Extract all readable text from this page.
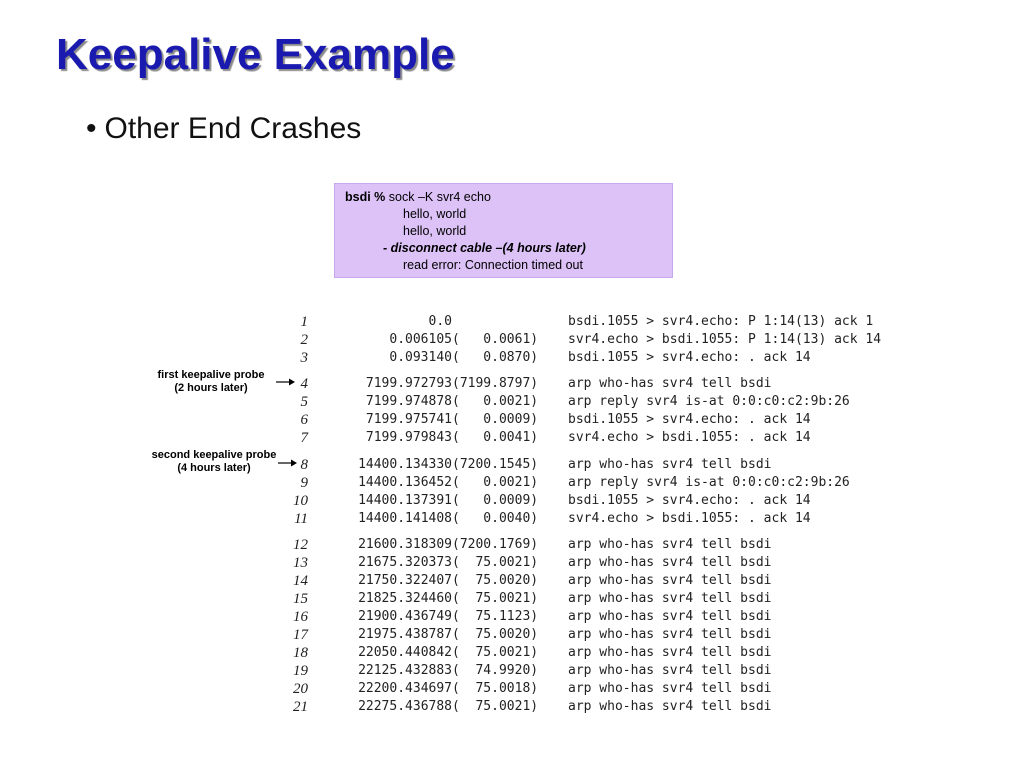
Keepalive Example
• Other End Crashes
bsdi % sock –K svr4 echo
hello, world
hello, world
- disconnect cable –(4 hours later)
read error: Connection timed out
first keepalive probe
(2 hours later)
second keepalive probe
(4 hours later)
1	0.0	bsdi.1055 > svr4.echo: P 1:14(13) ack 1
2	0.006105 (   0.0061)	svr4.echo > bsdi.1055: P 1:14(13) ack 14
3	0.093140 (   0.0870)	bsdi.1055 > svr4.echo: . ack 14
4	7199.972793 (7199.8797)	arp who-has svr4 tell bsdi
5	7199.974878 (   0.0021)	arp reply svr4 is-at 0:0:c0:c2:9b:26
6	7199.975741 (   0.0009)	bsdi.1055 > svr4.echo: . ack 14
7	7199.979843 (   0.0041)	svr4.echo > bsdi.1055: . ack 14
8	14400.134330 (7200.1545)	arp who-has svr4 tell bsdi
9	14400.136452 (   0.0021)	arp reply svr4 is-at 0:0:c0:c2:9b:26
10	14400.137391 (   0.0009)	bsdi.1055 > svr4.echo: . ack 14
11	14400.141408 (   0.0040)	svr4.echo > bsdi.1055: . ack 14
12	21600.318309 (7200.1769)	arp who-has svr4 tell bsdi
13	21675.320373 (  75.0021)	arp who-has svr4 tell bsdi
14	21750.322407 (  75.0020)	arp who-has svr4 tell bsdi
15	21825.324460 (  75.0021)	arp who-has svr4 tell bsdi
16	21900.436749 (  75.1123)	arp who-has svr4 tell bsdi
17	21975.438787 (  75.0020)	arp who-has svr4 tell bsdi
18	22050.440842 (  75.0021)	arp who-has svr4 tell bsdi
19	22125.432883 (  74.9920)	arp who-has svr4 tell bsdi
20	22200.434697 (  75.0018)	arp who-has svr4 tell bsdi
21	22275.436788 (  75.0021)	arp who-has svr4 tell bsdi
